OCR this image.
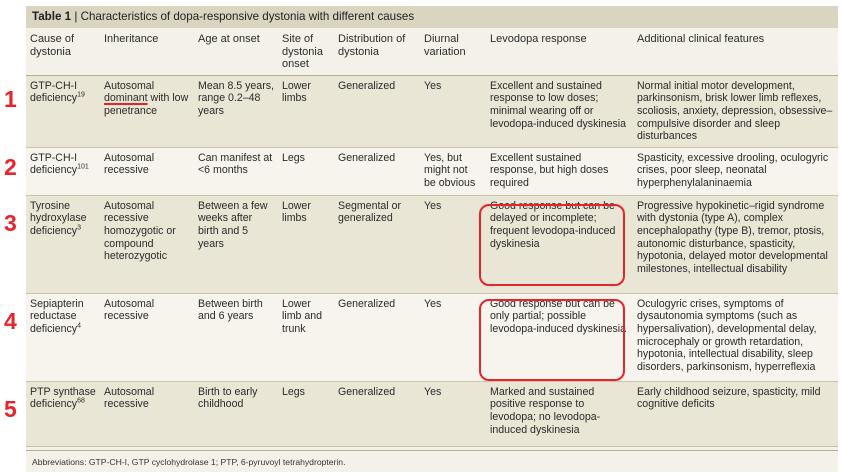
1
2
3
4
5
Table 1 | Characteristics of dopa-responsive dystonia with different causes
Cause of dystonia	Inheritance	Age at onset	Site of dystonia onset	Distribution of dystonia	Diurnal variation	Levodopa response	Additional clinical features
GTP-CH-I deficiency$^{19}$	Autosomal dominant with low penetrance	Mean 8.5 years, range 0.2–48 years	Lower limbs	Generalized	Yes	Excellent and sustained response to low doses; minimal wearing off or levodopa-induced dyskinesia	Normal initial motor development, parkinsonism, brisk lower limb reflexes, scoliosis, anxiety, depression, obsessive–compulsive disorder and sleep disturbances
GTP-CH-I deficiency$^{101}$	Autosomal recessive	Can manifest at <6 months	Legs	Generalized	Yes, but might not be obvious	Excellent sustained response, but high doses required	Spasticity, excessive drooling, oculogyric crises, poor sleep, neonatal hyperphenylalaninaemia
Tyrosine hydroxylase deficiency$^3$	Autosomal recessive homozygotic or compound heterozygotic	Between a few weeks after birth and 5 years	Lower limbs	Segmental or generalized	Yes	Good response but can be delayed or incomplete; frequent levodopa-induced dyskinesia	Progressive hypokinetic–rigid syndrome with dystonia (type A), complex encephalopathy (type B), tremor, ptosis, autonomic disturbance, spasticity, hypotonia, delayed motor developmental milestones, intellectual disability
Sepiapterin reductase deficiency$^4$	Autosomal recessive	Between birth and 6 years	Lower limb and trunk	Generalized	Yes	Good response but can be only partial; possible levodopa-induced dyskinesia	Oculogyric crises, symptoms of dysautonomia symptoms (such as hypersalivation), developmental delay, microcephaly or growth retardation, hypotonia, intellectual disability, sleep disorders, parkinsonism, hyperreflexia
PTP synthase deficiency$^{68}$	Autosomal recessive	Birth to early childhood	Legs	Generalized	Yes	Marked and sustained positive response to levodopa; no levodopa-induced dyskinesia	Early childhood seizure, spasticity, mild cognitive deficits
Abbreviations: GTP-CH-I, GTP cyclohydrolase 1; PTP, 6-pyruvoyl tetrahydropterin.
